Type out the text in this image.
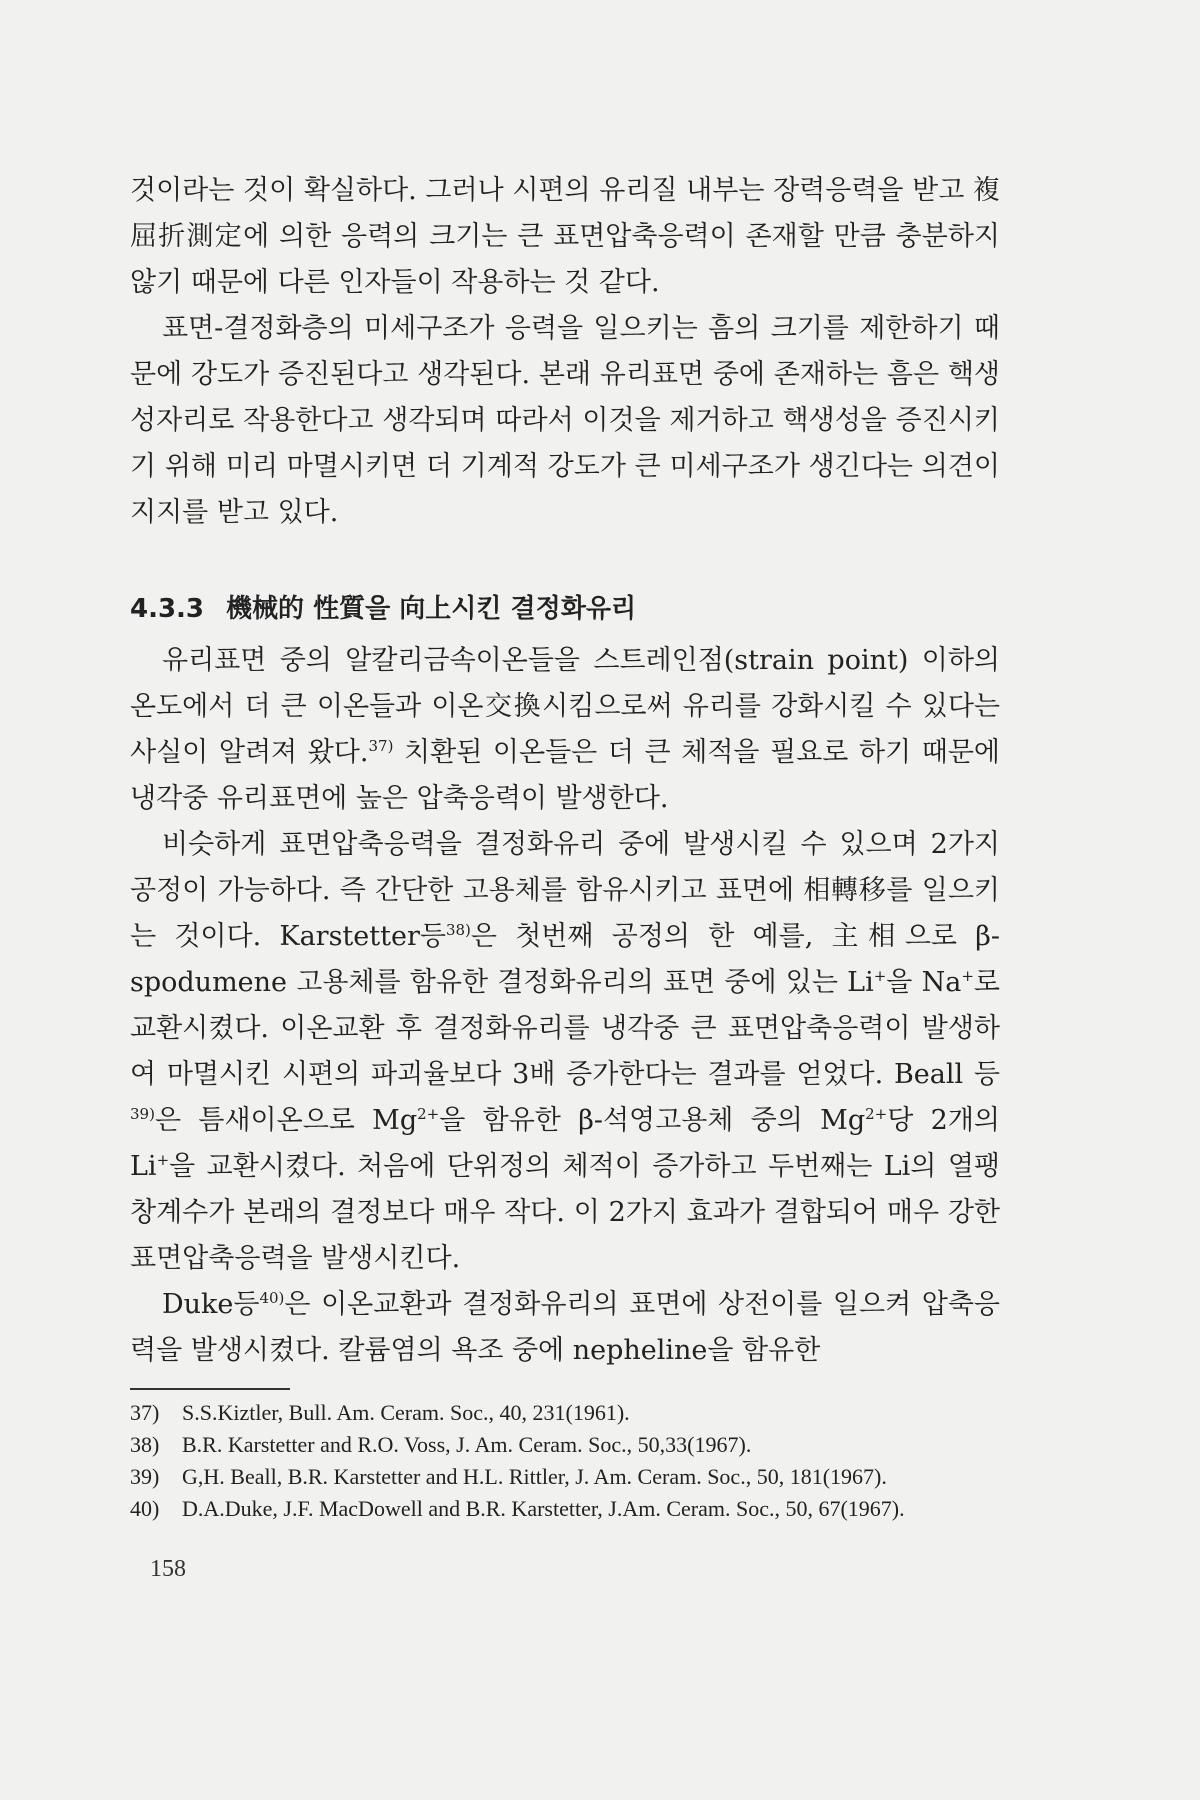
것이라는 것이 확실하다. 그러나 시편의 유리질 내부는 장력응력을 받고 複屈折測定에 의한 응력의 크기는 큰 표면압축응력이 존재할 만큼 충분하지 않기 때문에 다른 인자들이 작용하는 것 같다.

표면-결정화층의 미세구조가 응력을 일으키는 흠의 크기를 제한하기 때문에 강도가 증진된다고 생각된다. 본래 유리표면 중에 존재하는 흠은 핵생성자리로 작용한다고 생각되며 따라서 이것을 제거하고 핵생성을 증진시키기 위해 미리 마멸시키면 더 기계적 강도가 큰 미세구조가 생긴다는 의견이 지지를 받고 있다.

4.3.3 機械的 性質을 向上시킨 결정화유리

유리표면 중의 알칼리금속이온들을 스트레인점(strain point) 이하의 온도에서 더 큰 이온들과 이온交換시킴으로써 유리를 강화시킬 수 있다는 사실이 알려져 왔다.$^{37)}$ 치환된 이온들은 더 큰 체적을 필요로 하기 때문에 냉각중 유리표면에 높은 압축응력이 발생한다.

비슷하게 표면압축응력을 결정화유리 중에 발생시킬 수 있으며 2가지 공정이 가능하다. 즉 간단한 고용체를 함유시키고 표면에 相轉移를 일으키는 것이다. Karstetter등$^{38)}$은 첫번째 공정의 한 예를, 主相으로 β-spodumene 고용체를 함유한 결정화유리의 표면 중에 있는 Li+을 Na+로 교환시켰다. 이온교환 후 결정화유리를 냉각중 큰 표면압축응력이 발생하여 마멸시킨 시편의 파괴율보다 3배 증가한다는 결과를 얻었다. Beall 등$^{39)}$은 틈새이온으로 $Mg^{2+}$을 함유한 β-석영고용체 중의 $Mg^{2+}$당 2개의 Li+을 교환시켰다. 처음에 단위정의 체적이 증가하고 두번째는 Li의 열팽창계수가 본래의 결정보다 매우 작다. 이 2가지 효과가 결합되어 매우 강한 표면압축응력을 발생시킨다.

Duke등$^{40)}$은 이온교환과 결정화유리의 표면에 상전이를 일으켜 압축응력을 발생시켰다. 칼륨염의 욕조 중에 nepheline을 함유한

37) S.S.Kiztler, Bull. Am. Ceram. Soc., 40, 231(1961).
38) B.R. Karstetter and R.O. Voss, J. Am. Ceram. Soc., 50,33(1967).
39) G,H. Beall, B.R. Karstetter and H.L. Rittler, J. Am. Ceram. Soc., 50, 181(1967).
40) D.A.Duke, J.F. MacDowell and B.R. Karstetter, J.Am. Ceram. Soc., 50, 67(1967).
158
